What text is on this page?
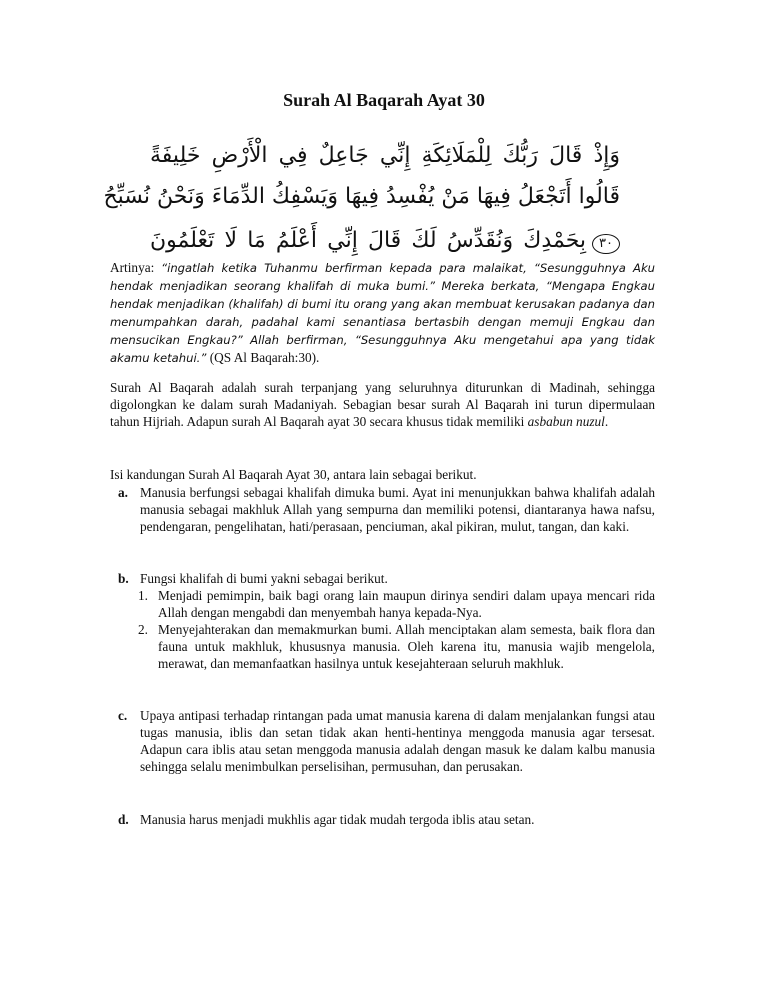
Surah Al Baqarah Ayat 30
وَإِذْ قَالَ رَبُّكَ لِلْمَلَائِكَةِ إِنِّي جَاعِلٌ فِي الْأَرْضِ خَلِيفَةً
قَالُوا أَتَجْعَلُ فِيهَا مَنْ يُفْسِدُ فِيهَا وَيَسْفِكُ الدِّمَاءَ وَنَحْنُ نُسَبِّحُ
٣٠بِحَمْدِكَ وَنُقَدِّسُ لَكَ قَالَ إِنِّي أَعْلَمُ مَا لَا تَعْلَمُونَ
Artinya: “ingatlah ketika Tuhanmu berfirman kepada para malaikat, “Sesungguhnya Aku hendak menjadikan seorang khalifah di muka bumi.” Mereka berkata, “Mengapa Engkau hendak menjadikan (khalifah) di bumi itu orang yang akan membuat kerusakan padanya dan menumpahkan darah, padahal kami senantiasa bertasbih dengan memuji Engkau dan mensucikan Engkau?” Allah berfirman, “Sesungguhnya Aku mengetahui apa yang tidak akamu ketahui.” (QS Al Baqarah:30).
Surah Al Baqarah adalah surah terpanjang yang seluruhnya diturunkan di Madinah, sehingga digolongkan ke dalam surah Madaniyah. Sebagian besar surah Al Baqarah ini turun dipermulaan tahun Hijriah. Adapun surah Al Baqarah ayat 30 secara khusus tidak memiliki asbabun nuzul.
Isi kandungan Surah Al Baqarah Ayat 30, antara lain sebagai berikut.
a. Manusia berfungsi sebagai khalifah dimuka bumi. Ayat ini menunjukkan bahwa khalifah adalah manusia sebagai makhluk Allah yang sempurna dan memiliki potensi, diantaranya hawa nafsu, pendengaran, pengelihatan, hati/perasaan, penciuman, akal pikiran, mulut, tangan, dan kaki.
b. Fungsi khalifah di bumi yakni sebagai berikut.
1. Menjadi pemimpin, baik bagi orang lain maupun dirinya sendiri dalam upaya mencari rida Allah dengan mengabdi dan menyembah hanya kepada-Nya.
2. Menyejahterakan dan memakmurkan bumi. Allah menciptakan alam semesta, baik flora dan fauna untuk makhluk, khususnya manusia. Oleh karena itu, manusia wajib mengelola, merawat, dan memanfaatkan hasilnya untuk kesejahteraan seluruh makhluk.
c. Upaya antipasi terhadap rintangan pada umat manusia karena di dalam menjalankan fungsi atau tugas manusia, iblis dan setan tidak akan henti-hentinya menggoda manusia agar tersesat. Adapun cara iblis atau setan menggoda manusia adalah dengan masuk ke dalam kalbu manusia sehingga selalu menimbulkan perselisihan, permusuhan, dan perusakan.
d. Manusia harus menjadi mukhlis agar tidak mudah tergoda iblis atau setan.
